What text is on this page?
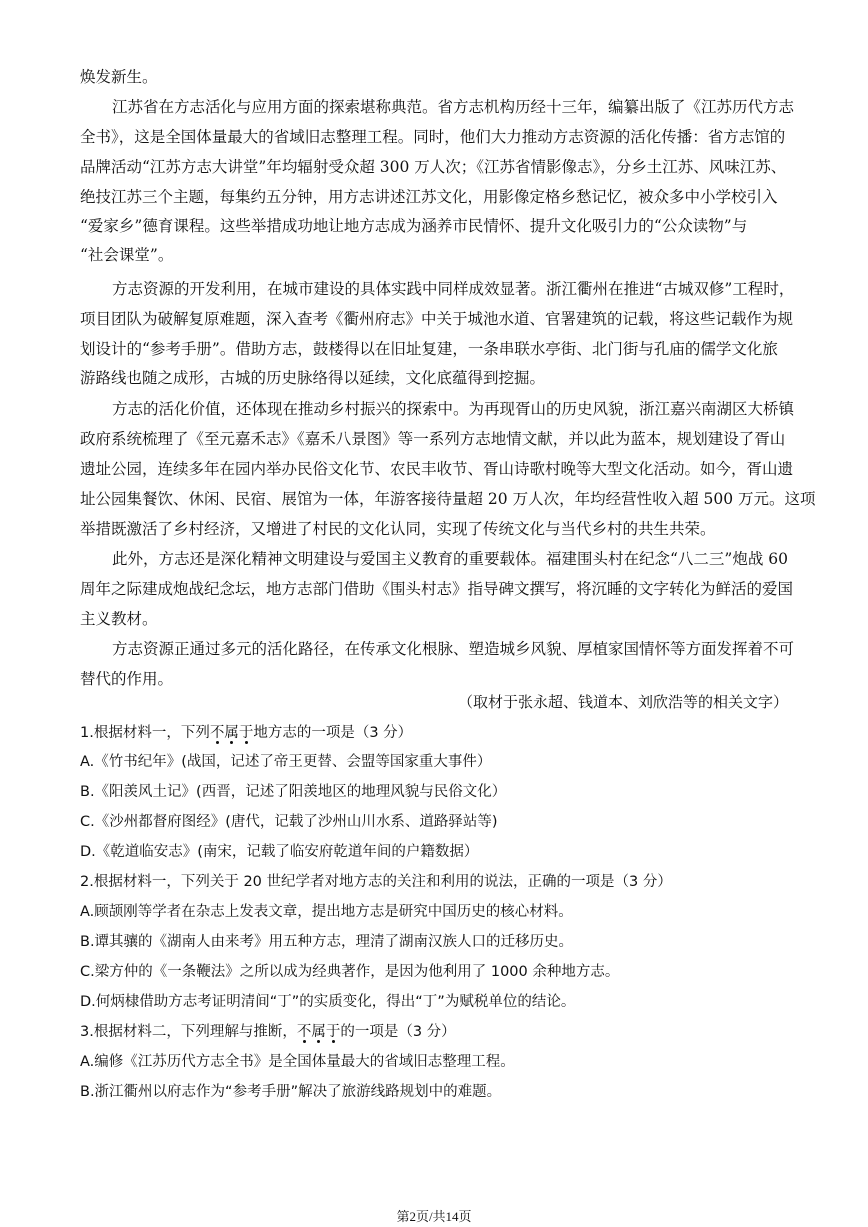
焕发新生。
江苏省在方志活化与应用方面的探索堪称典范。省方志机构历经十三年，编纂出版了《江苏历代方志
全书》，这是全国体量最大的省域旧志整理工程。同时，他们大力推动方志资源的活化传播：省方志馆的
品牌活动“江苏方志大讲堂”年均辐射受众超 300 万人次；《江苏省情影像志》，分乡土江苏、风味江苏、
绝技江苏三个主题，每集约五分钟，用方志讲述江苏文化，用影像定格乡愁记忆，被众多中小学校引入
“爱家乡”德育课程。这些举措成功地让地方志成为涵养市民情怀、提升文化吸引力的“公众读物”与
“社会课堂”。
方志资源的开发利用，在城市建设的具体实践中同样成效显著。浙江衢州在推进“古城双修”工程时，
项目团队为破解复原难题，深入查考《衢州府志》中关于城池水道、官署建筑的记载，将这些记载作为规
划设计的“参考手册”。借助方志，鼓楼得以在旧址复建，一条串联水亭街、北门街与孔庙的儒学文化旅
游路线也随之成形，古城的历史脉络得以延续，文化底蕴得到挖掘。
方志的活化价值，还体现在推动乡村振兴的探索中。为再现胥山的历史风貌，浙江嘉兴南湖区大桥镇
政府系统梳理了《至元嘉禾志》《嘉禾八景图》等一系列方志地情文献，并以此为蓝本，规划建设了胥山
遗址公园，连续多年在园内举办民俗文化节、农民丰收节、胥山诗歌村晚等大型文化活动。如今，胥山遗
址公园集餐饮、休闲、民宿、展馆为一体，年游客接待量超 20 万人次，年均经营性收入超 500 万元。这项
举措既激活了乡村经济，又增进了村民的文化认同，实现了传统文化与当代乡村的共生共荣。
此外，方志还是深化精神文明建设与爱国主义教育的重要载体。福建围头村在纪念“八二三”炮战 60
周年之际建成炮战纪念坛，地方志部门借助《围头村志》指导碑文撰写，将沉睡的文字转化为鲜活的爱国
主义教材。
方志资源正通过多元的活化路径，在传承文化根脉、塑造城乡风貌、厚植家国情怀等方面发挥着不可
替代的作用。
（取材于张永超、钱道本、刘欣浩等的相关文字）
1.根据材料一，下列不属于地方志的一项是（3 分）
A.《竹书纪年》(战国，记述了帝王更替、会盟等国家重大事件）
B.《阳羡风土记》(西晋，记述了阳羡地区的地理风貌与民俗文化）
C.《沙州都督府图经》(唐代，记载了沙州山川水系、道路驿站等)
D.《乾道临安志》(南宋，记载了临安府乾道年间的户籍数据）
2.根据材料一，下列关于 20 世纪学者对地方志的关注和利用的说法，正确的一项是（3 分）
A.顾颉刚等学者在杂志上发表文章，提出地方志是研究中国历史的核心材料。
B.谭其骧的《湖南人由来考》用五种方志，理清了湖南汉族人口的迁移历史。
C.梁方仲的《一条鞭法》之所以成为经典著作，是因为他利用了 1000 余种地方志。
D.何炳棣借助方志考证明清间“丁”的实质变化，得出“丁”为赋税单位的结论。
3.根据材料二，下列理解与推断，不属于的一项是（3 分）
A.编修《江苏历代方志全书》是全国体量最大的省域旧志整理工程。
B.浙江衢州以府志作为“参考手册”解决了旅游线路规划中的难题。
第2页/共14页
